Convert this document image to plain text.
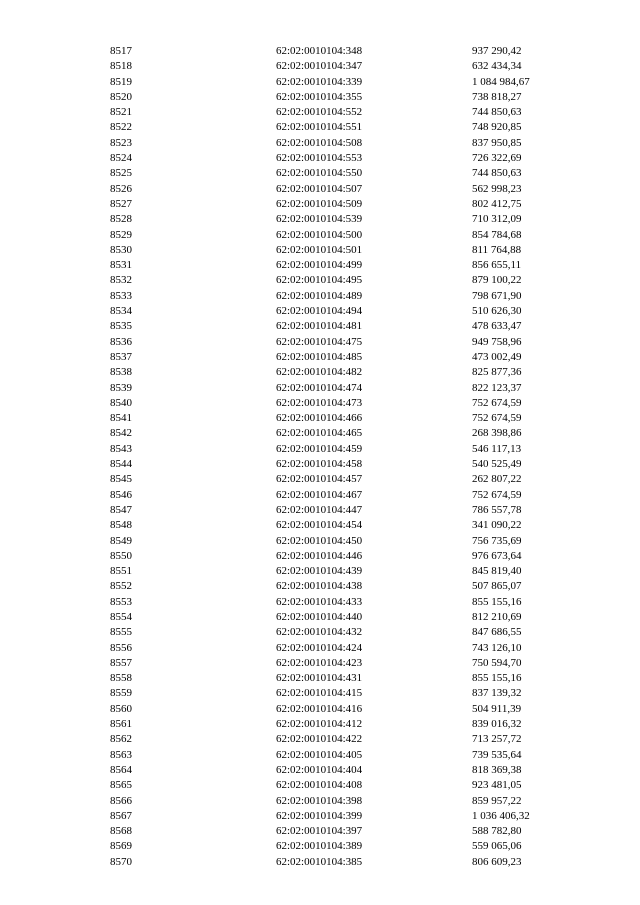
8517	62:02:0010104:348	937 290,42
8518	62:02:0010104:347	632 434,34
8519	62:02:0010104:339	1 084 984,67
8520	62:02:0010104:355	738 818,27
8521	62:02:0010104:552	744 850,63
8522	62:02:0010104:551	748 920,85
8523	62:02:0010104:508	837 950,85
8524	62:02:0010104:553	726 322,69
8525	62:02:0010104:550	744 850,63
8526	62:02:0010104:507	562 998,23
8527	62:02:0010104:509	802 412,75
8528	62:02:0010104:539	710 312,09
8529	62:02:0010104:500	854 784,68
8530	62:02:0010104:501	811 764,88
8531	62:02:0010104:499	856 655,11
8532	62:02:0010104:495	879 100,22
8533	62:02:0010104:489	798 671,90
8534	62:02:0010104:494	510 626,30
8535	62:02:0010104:481	478 633,47
8536	62:02:0010104:475	949 758,96
8537	62:02:0010104:485	473 002,49
8538	62:02:0010104:482	825 877,36
8539	62:02:0010104:474	822 123,37
8540	62:02:0010104:473	752 674,59
8541	62:02:0010104:466	752 674,59
8542	62:02:0010104:465	268 398,86
8543	62:02:0010104:459	546 117,13
8544	62:02:0010104:458	540 525,49
8545	62:02:0010104:457	262 807,22
8546	62:02:0010104:467	752 674,59
8547	62:02:0010104:447	786 557,78
8548	62:02:0010104:454	341 090,22
8549	62:02:0010104:450	756 735,69
8550	62:02:0010104:446	976 673,64
8551	62:02:0010104:439	845 819,40
8552	62:02:0010104:438	507 865,07
8553	62:02:0010104:433	855 155,16
8554	62:02:0010104:440	812 210,69
8555	62:02:0010104:432	847 686,55
8556	62:02:0010104:424	743 126,10
8557	62:02:0010104:423	750 594,70
8558	62:02:0010104:431	855 155,16
8559	62:02:0010104:415	837 139,32
8560	62:02:0010104:416	504 911,39
8561	62:02:0010104:412	839 016,32
8562	62:02:0010104:422	713 257,72
8563	62:02:0010104:405	739 535,64
8564	62:02:0010104:404	818 369,38
8565	62:02:0010104:408	923 481,05
8566	62:02:0010104:398	859 957,22
8567	62:02:0010104:399	1 036 406,32
8568	62:02:0010104:397	588 782,80
8569	62:02:0010104:389	559 065,06
8570	62:02:0010104:385	806 609,23
